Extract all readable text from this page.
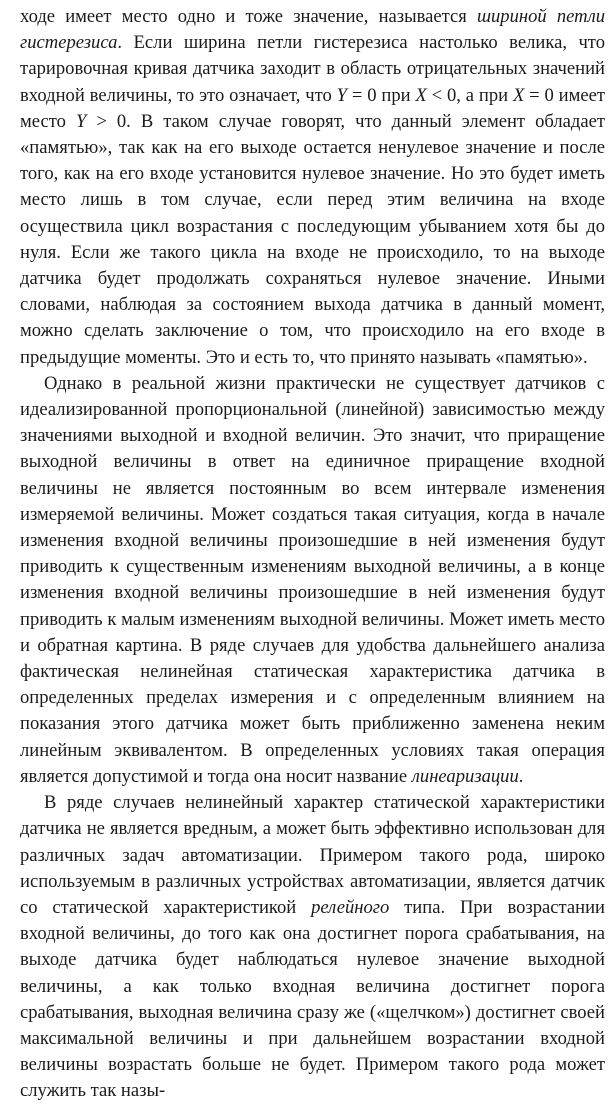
ходе имеет место одно и тоже значение, называется шириной петли гистерезиса. Если ширина петли гистерезиса настолько велика, что тарировочная кривая датчика заходит в область отрицательных значений входной величины, то это означает, что Y = 0 при X < 0, а при X = 0 имеет место Y > 0. В таком случае говорят, что данный элемент обладает «памятью», так как на его выходе остается ненулевое значение и после того, как на его входе установится нулевое значение. Но это будет иметь место лишь в том случае, если перед этим величина на входе осуществила цикл возрастания с последующим убыванием хотя бы до нуля. Если же такого цикла на входе не происходило, то на выходе датчика будет продолжать сохраняться нулевое значение. Иными словами, наблюдая за состоянием выхода датчика в данный момент, можно сделать заключение о том, что происходило на его входе в предыдущие моменты. Это и есть то, что принято называть «памятью».

Однако в реальной жизни практически не существует датчиков с идеализированной пропорциональной (линейной) зависимостью между значениями выходной и входной величин. Это значит, что приращение выходной величины в ответ на единичное приращение входной величины не является постоянным во всем интервале изменения измеряемой величины. Может создаться такая ситуация, когда в начале изменения входной величины произошедшие в ней изменения будут приводить к существенным изменениям выходной величины, а в конце изменения входной величины произошедшие в ней изменения будут приводить к малым изменениям выходной величины. Может иметь место и обратная картина. В ряде случаев для удобства дальнейшего анализа фактическая нелинейная статическая характеристика датчика в определенных пределах измерения и с определенным влиянием на показания этого датчика может быть приближенно заменена неким линейным эквивалентом. В определенных условиях такая операция является допустимой и тогда она носит название линеаризации.

В ряде случаев нелинейный характер статической характеристики датчика не является вредным, а может быть эффективно использован для различных задач автоматизации. Примером такого рода, широко используемым в различных устройствах автоматизации, является датчик со статической характеристикой релейного типа. При возрастании входной величины, до того как она достигнет порога срабатывания, на выходе датчика будет наблюдаться нулевое значение выходной величины, а как только входная величина достигнет порога срабатывания, выходная величина сразу же («щелчком») достигнет своей максимальной величины и при дальнейшем возрастании входной величины возрастать больше не будет. Примером такого рода может служить так назы-
